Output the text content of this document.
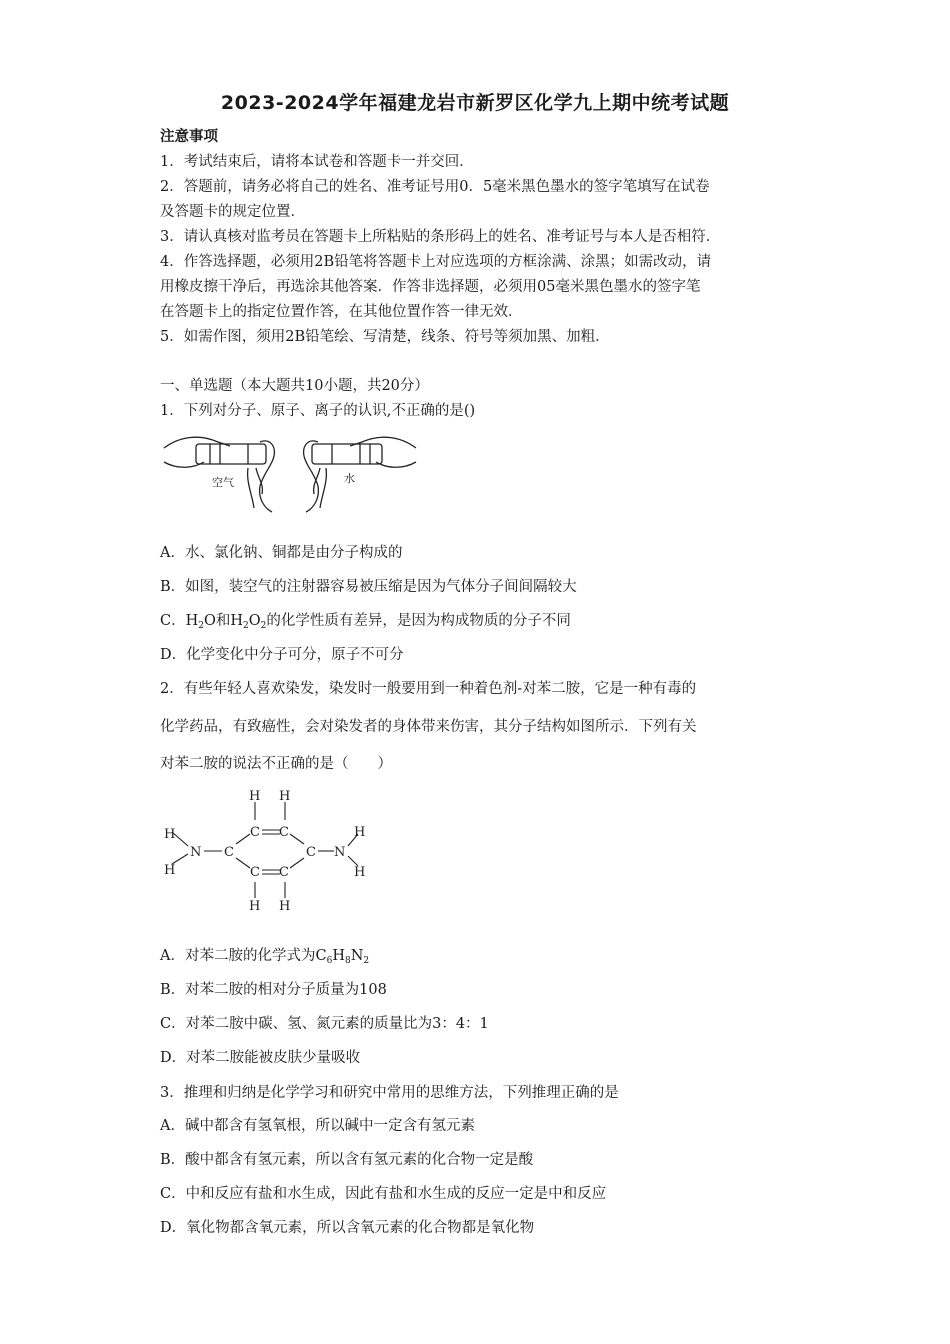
2023-2024学年福建龙岩市新罗区化学九上期中统考试题
注意事项
1．考试结束后，请将本试卷和答题卡一并交回．
2．答题前，请务必将自己的姓名、准考证号用0．5毫米黑色墨水的签字笔填写在试卷
及答题卡的规定位置．
3．请认真核对监考员在答题卡上所粘贴的条形码上的姓名、准考证号与本人是否相符．
4．作答选择题，必须用2B铅笔将答题卡上对应选项的方框涂满、涂黑；如需改动，请
用橡皮擦干净后，再选涂其他答案．作答非选择题，必须用05毫米黑色墨水的签字笔
在答题卡上的指定位置作答，在其他位置作答一律无效．
5．如需作图，须用2B铅笔绘、写清楚，线条、符号等须加黑、加粗．
一、单选题（本大题共10小题，共20分）
1．下列对分子、原子、离子的认识,不正确的是()
空气	水
A．水、氯化钠、铜都是由分子构成的
B．如图，装空气的注射器容易被压缩是因为气体分子间间隔较大
C．$H_2O$和$H_2O_2$的化学性质有差异，是因为构成物质的分子不同
D．化学变化中分子可分，原子不可分
2．有些年轻人喜欢染发，染发时一般要用到一种着色剂-对苯二胺，它是一种有毒的
化学药品，有致癌性，会对染发者的身体带来伤害，其分子结构如图所示．下列有关
对苯二胺的说法不正确的是（　　）
H
H
N C
H H
C C
C C
H H
C N
H
H
A．对苯二胺的化学式为$C_6H_8N_2$
B．对苯二胺的相对分子质量为108
C．对苯二胺中碳、氢、氮元素的质量比为3：4：1
D．对苯二胺能被皮肤少量吸收
3．推理和归纳是化学学习和研究中常用的思维方法，下列推理正确的是
A．碱中都含有氢氧根，所以碱中一定含有氢元素
B．酸中都含有氢元素，所以含有氢元素的化合物一定是酸
C．中和反应有盐和水生成，因此有盐和水生成的反应一定是中和反应
D．氧化物都含氧元素，所以含氧元素的化合物都是氧化物
